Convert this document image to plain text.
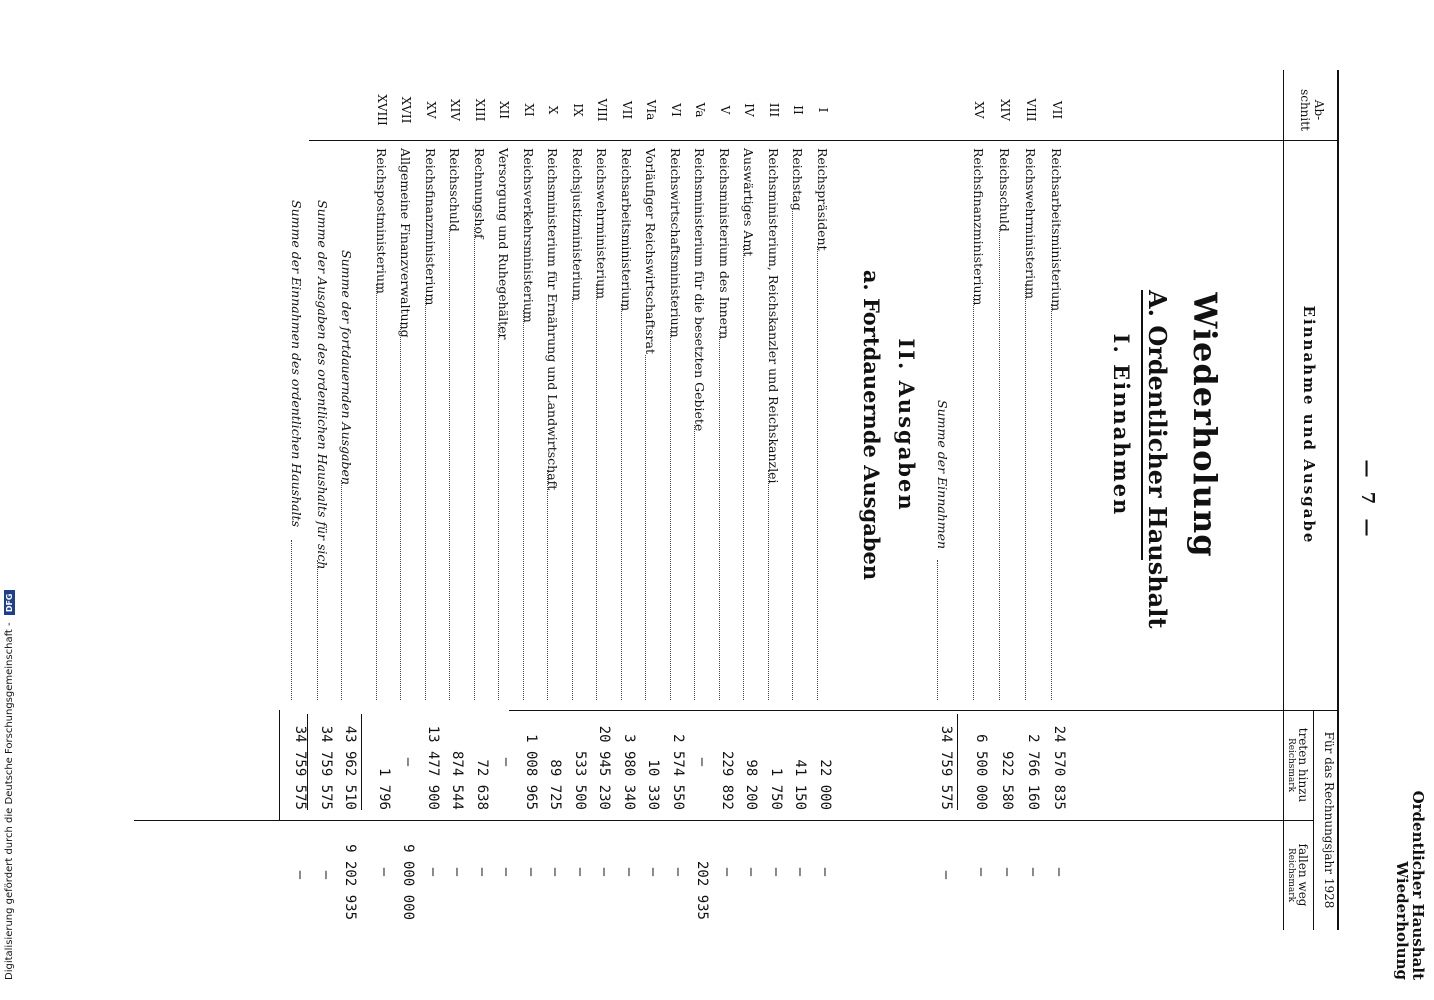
Ordentlicher Haushalt
Wiederholung
— 7 —
Ab-
schnitt
Einnahme und Ausgabe
Für das Rechnungsjahr 1928
treten hinzu
fallen weg
Reichsmark
Reichsmark
Wiederholung
A. Ordentlicher Haushalt
I. Einnahmen
VII
Reichsarbeitsministerium
24 570 835
—
VIII
Reichswehrministerium
2 766 160
—
XIV
Reichsschuld
922 580
—
XV
Reichsfinanzministerium
6 500 000
—
Summe der Einnahmen
34 759 575
—
II. Ausgaben
a. Fortdauernde Ausgaben
I
Reichspräsident
22 000
—
II
Reichstag
41 150
—
III
Reichsministerium, Reichskanzler und Reichskanzlei
1 750
—
IV
Auswärtiges Amt
98 200
—
V
Reichsministerium des Innern
229 892
—
Va
Reichsministerium für die besetzten Gebiete
—
202 935
VI
Reichswirtschaftsministerium
2 574 550
—
VIa
Vorläufiger Reichswirtschaftsrat
10 330
—
VII
Reichsarbeitsministerium
3 980 340
—
VIII
Reichswehrministerium
20 945 230
—
IX
Reichsjustizministerium
533 500
—
X
Reichsministerium für Ernährung und Landwirtschaft
89 725
—
XI
Reichsverkehrsministerium
1 008 965
—
XII
Versorgung und Ruhegehälter
—
—
XIII
Rechnungshof
72 638
—
XIV
Reichsschuld
874 544
—
XV
Reichsfinanzministerium
13 477 900
—
XVII
Allgemeine Finanzverwaltung
—
9 000 000
XVIII
Reichspostministerium
1 796
—
Summe der fortdauernden Ausgaben
43 962 510
9 202 935
Summe der Ausgaben des ordentlichen Haushalts für sich
34 759 575
—
Summe der Einnahmen des ordentlichen Haushalts
34 759 575
—
Digitalisierung gefördert durch die Deutsche Forschungsgemeinschaft - DFG
